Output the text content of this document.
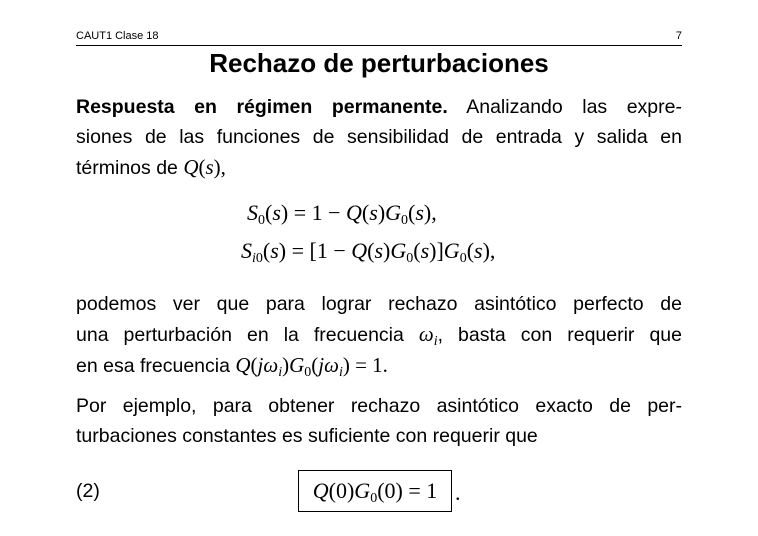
CAUT1 Clase 18	7
Rechazo de perturbaciones
Respuesta en régimen permanente. Analizando las expre-
siones de las funciones de sensibilidad de entrada y salida en
términos de Q(s),
$S_0(s) = 1 - Q(s)G_0(s)$,
$S_{i0}(s) = [1 - Q(s)G_0(s)]G_0(s)$,
podemos ver que para lograr rechazo asintótico perfecto de
una perturbación en la frecuencia $\omega_i$, basta con requerir que
en esa frecuencia $Q(j\omega_i)G_0(j\omega_i) = 1$.
Por ejemplo, para obtener rechazo asintótico exacto de per-
turbaciones constantes es suficiente con requerir que
(2)	$Q(0)G_0(0) = 1$ .
